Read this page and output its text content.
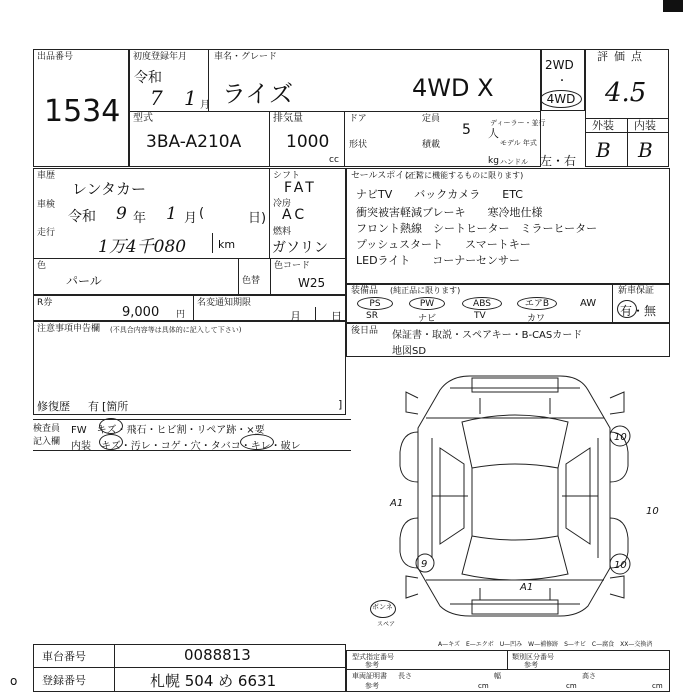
出品番号
1534
初度登録年月
令和
7 1 月
車名・グレード
ライズ	4WD X
型式
3BA-A210A
排気量
1000
cc
ドア	定員
5 人
ディーラー・並行
形状	積載	モデル 年式
kg ハンドル 左・右
2WD
・
4WD
評価点
4.5
外装 内装
B B
車歴
レンタカー
車検
令和 9 年 1 月 (	日)
走行
1万4千080	km
シフト
FAT
冷房
AC
燃料
ガソリン
色
パール	色替
色コード
W25
R券
9,000 円
名変通知期限
月	日
注意事項申告欄 (不具合内容等は具体的に記入して下さい)
修復歴 有 [箇所	]
検査員
記入欄
FW　キズ・飛石・ヒビ割・リペア跡・×要
内装　キズ・汚レ・コゲ・穴・タバコ・キレ・破レ
セールスポイント
(正常に機能するものに限ります)
ナビTV　　バックカメラ　　ETC
衝突被害軽減ブレーキ　　寒冷地仕様
フロント熱線　シートヒーター　ミラーヒーター
プッシュスタート　　スマートキー
LEDライト　　コーナーセンサー
装備品 (純正品に限ります)
PS
SR
PW
ナビ
ABS
TV
エアB
カワ
AW
新車保証
有・無
後日品 保証書・取説・スペアキー・B-CASカード
地図SD
A1
10
10
9	10
A1
ボンネ
スペア
A—キズ　E—エクボ　U—凹み　W—補修跡　S—サビ　C—腐食　XX—交換済
車台番号	0088813
登録番号	札幌 504 め 6631
型式指定番号
参考
類別区分番号
参考
車両証明書
参考
長さ
cm
幅
cm
高さ
cm
ο
